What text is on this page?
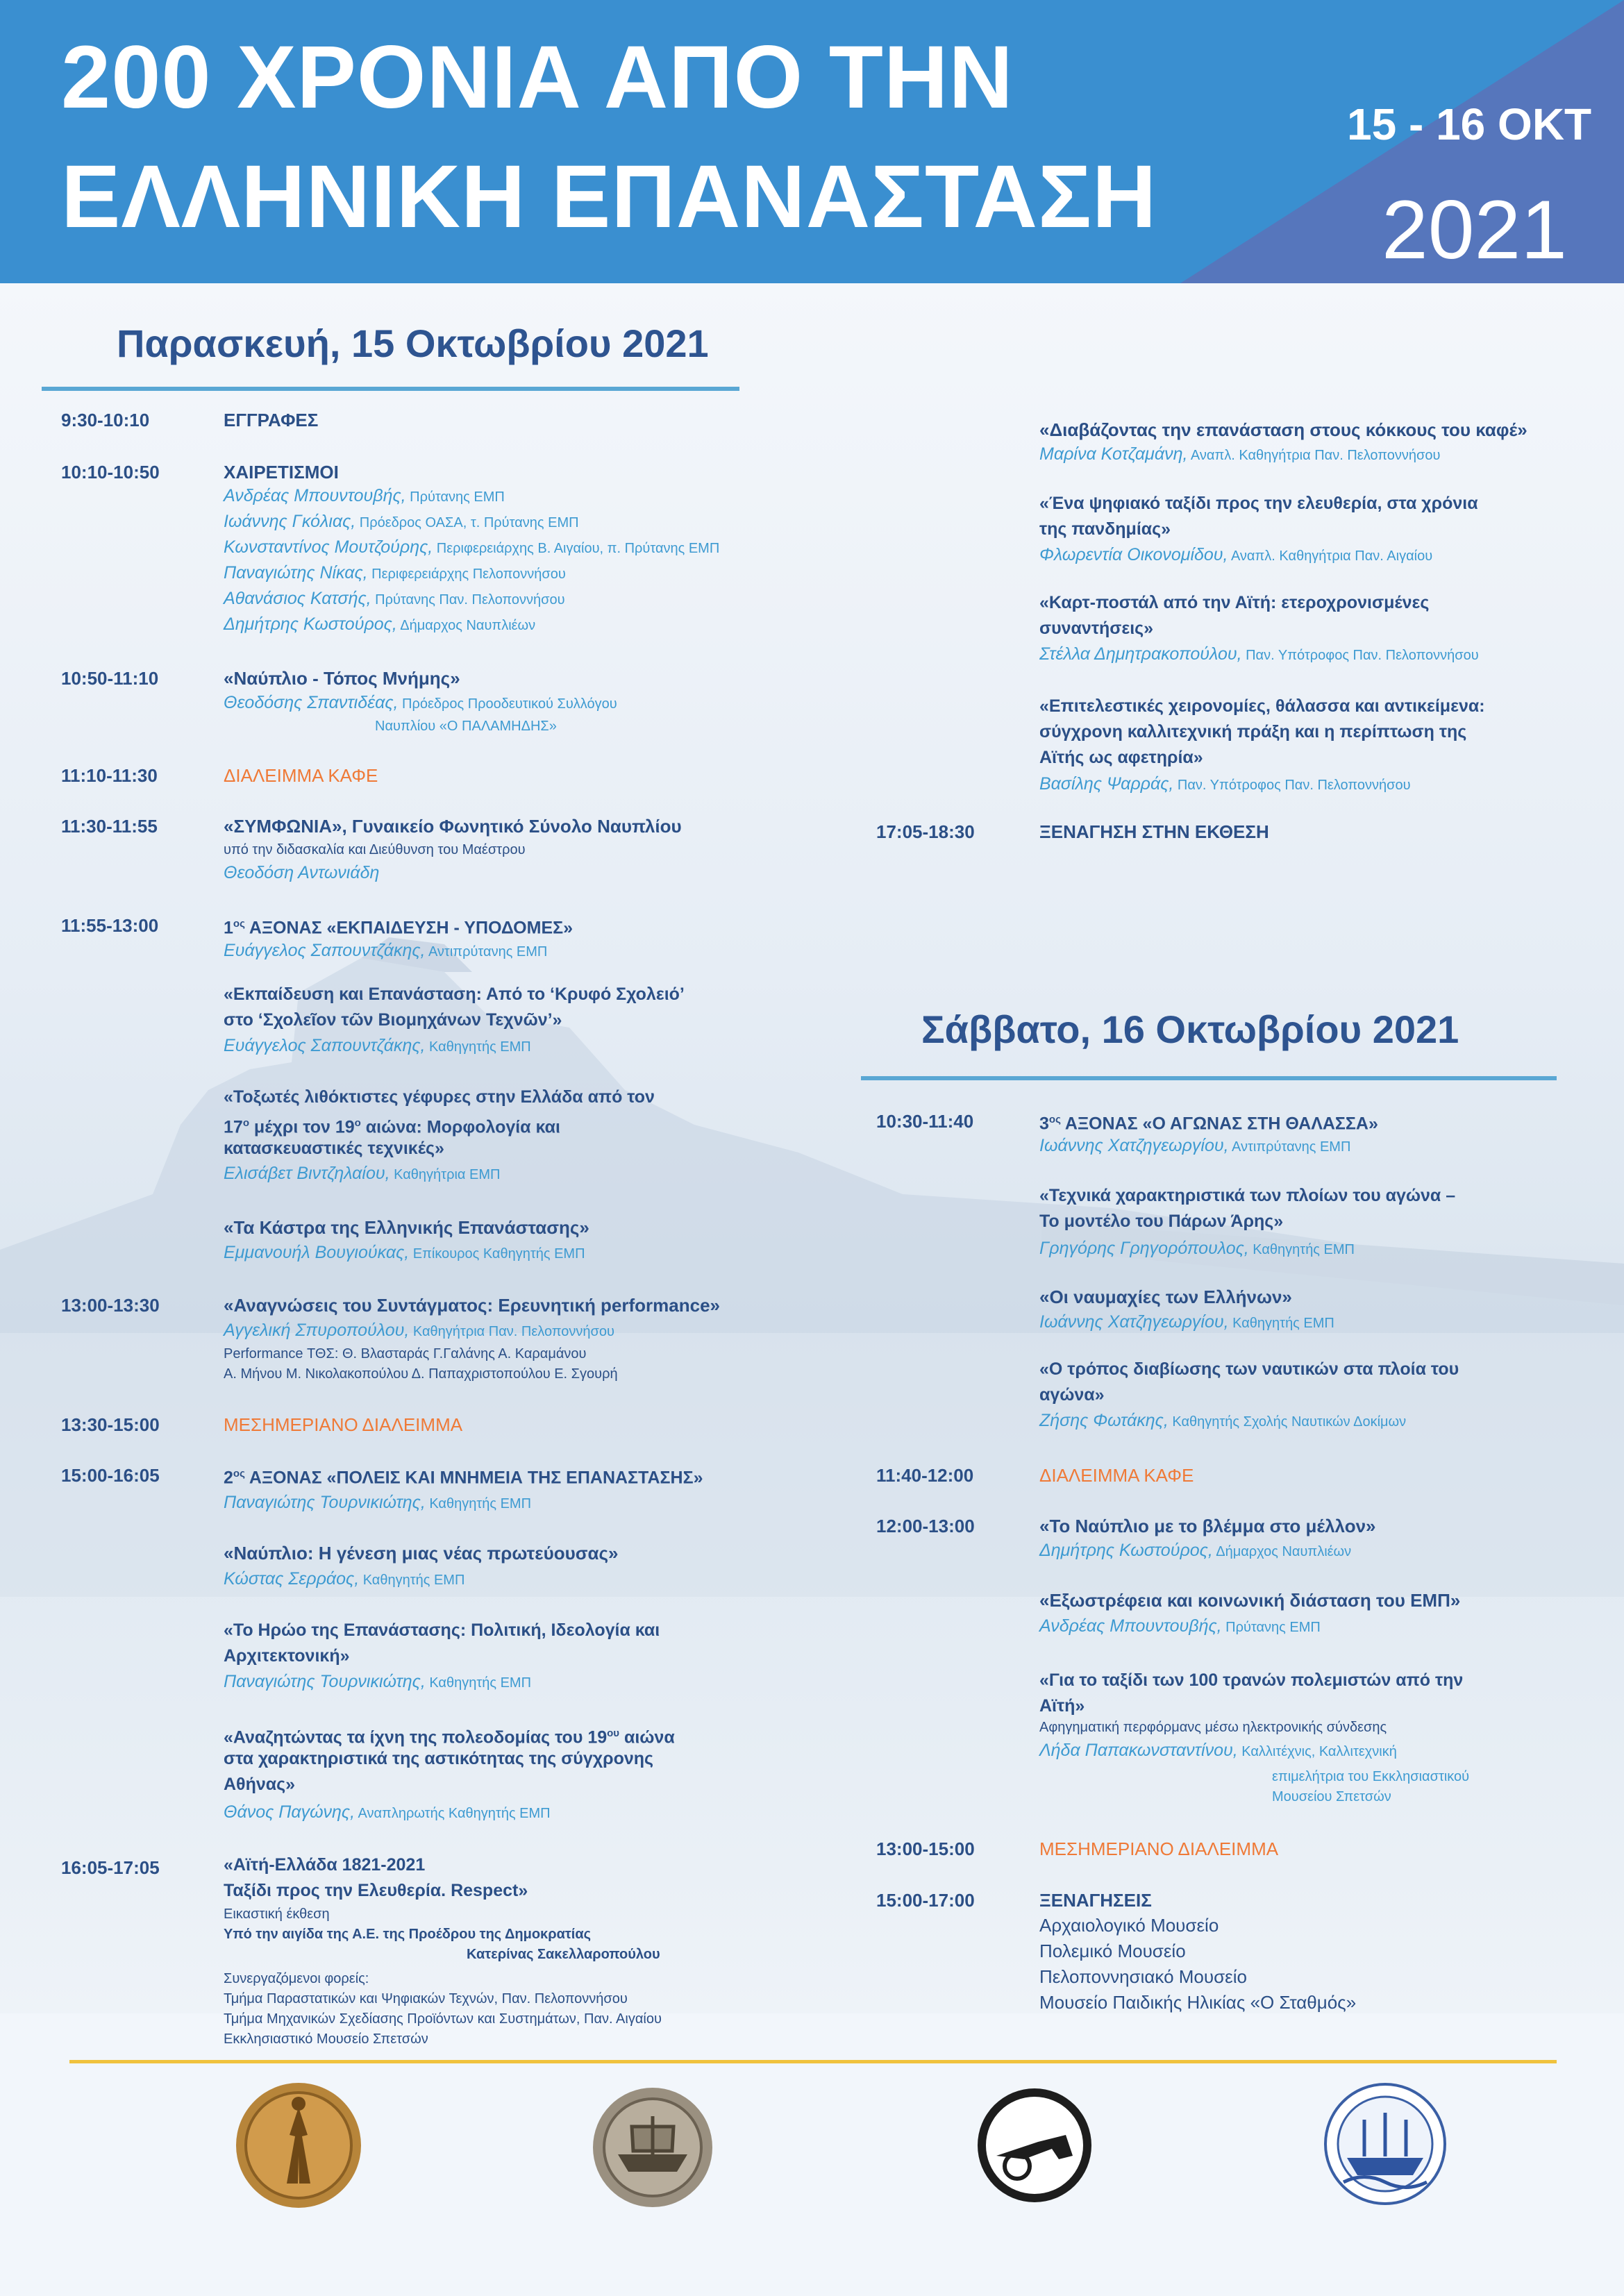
200 ΧΡΟΝΙΑ ΑΠΟ ΤΗΝ
ΕΛΛΗΝΙΚΗ ΕΠΑΝΑΣΤΑΣΗ
15 - 16 ΟΚΤ
2021
Παρασκευή, 15 Οκτωβρίου 2021
9:30-10:10
10:10-10:50
10:50-11:10
11:10-11:30
11:30-11:55
11:55-13:00
13:00-13:30
13:30-15:00
15:00-16:05
16:05-17:05
ΕΓΓΡΑΦΕΣ
ΧΑΙΡΕΤΙΣΜΟΙ
Ανδρέας Μπουντουβής, Πρύτανης ΕΜΠ
Ιωάννης Γκόλιας, Πρόεδρος ΟΑΣΑ, τ. Πρύτανης ΕΜΠ
Κωνσταντίνος Μουτζούρης, Περιφερειάρχης Β. Αιγαίου, π. Πρύτανης ΕΜΠ
Παναγιώτης Νίκας, Περιφερειάρχης Πελοποννήσου
Αθανάσιος Κατσής, Πρύτανης Παν. Πελοποννήσου
Δημήτρης Κωστούρος, Δήμαρχος Ναυπλιέων
«Ναύπλιο - Τόπος Μνήμης»
Θεοδόσης Σπαντιδέας, Πρόεδρος Προοδευτικού Συλλόγου
Ναυπλίου «Ο ΠΑΛΑΜΗΔΗΣ»
ΔΙΑΛΕΙΜΜΑ ΚΑΦΕ
«ΣΥΜΦΩΝΙΑ», Γυναικείο Φωνητικό Σύνολο Ναυπλίου
υπό την διδασκαλία και Διεύθυνση του Μαέστρου
Θεοδόση Αντωνιάδη
$1^{o\varsigma}$ ΑΞΟΝΑΣ «ΕΚΠΑΙΔΕΥΣΗ - ΥΠΟΔΟΜΕΣ»
Ευάγγελος Σαπουντζάκης, Αντιπρύτανης ΕΜΠ
«Εκπαίδευση και Επανάσταση: Από το ‘Κρυφό Σχολειό’
στο ‘Σχολεῖον τῶν Βιομηχάνων Τεχνῶν’»
Ευάγγελος Σαπουντζάκης, Καθηγητής ΕΜΠ
«Τοξωτές λιθόκτιστες γέφυρες στην Ελλάδα από τον
$17^o$ μέχρι τον $19^o$ αιώνα: Μορφολογία και
κατασκευαστικές τεχνικές»
Ελισάβετ Βιντζηλαίου, Καθηγήτρια ΕΜΠ
«Τα Κάστρα της Ελληνικής Επανάστασης»
Εμμανουήλ Βουγιούκας, Επίκουρος Καθηγητής ΕΜΠ
«Αναγνώσεις του Συντάγματος: Ερευνητική performance»
Αγγελική Σπυροπούλου, Καθηγήτρια Παν. Πελοποννήσου
Performance ΤΘΣ: Θ. Βλασταράς Γ.Γαλάνης Α. Καραμάνου
Α. Μήνου Μ. Νικολακοπούλου Δ. Παπαχριστοπούλου Ε. Σγουρή
ΜΕΣΗΜΕΡΙΑΝΟ ΔΙΑΛΕΙΜΜΑ
$2^{o\varsigma}$ ΑΞΟΝΑΣ «ΠΟΛΕΙΣ ΚΑΙ ΜΝΗΜΕΙΑ ΤΗΣ ΕΠΑΝΑΣΤΑΣΗΣ»
Παναγιώτης Τουρνικιώτης, Καθηγητής ΕΜΠ
«Ναύπλιο: Η γένεση μιας νέας πρωτεύουσας»
Κώστας Σερράος, Καθηγητής ΕΜΠ
«Το Ηρώο της Επανάστασης: Πολιτική, Ιδεολογία και
Αρχιτεκτονική»
Παναγιώτης Τουρνικιώτης, Καθηγητής ΕΜΠ
«Αναζητώντας τα ίχνη της πολεοδομίας του $19^{o\upsilon}$ αιώνα
στα χαρακτηριστικά της αστικότητας της σύγχρονης
Αθήνας»
Θάνος Παγώνης, Αναπληρωτής Καθηγητής ΕΜΠ
«Αϊτή-Ελλάδα 1821-2021
Ταξίδι προς την Ελευθερία. Respect»
Εικαστική έκθεση
Υπό την αιγίδα της Α.Ε. της Προέδρου της Δημοκρατίας
Κατερίνας Σακελλαροπούλου
Συνεργαζόμενοι φορείς:
Τμήμα Παραστατικών και Ψηφιακών Τεχνών, Παν. Πελοποννήσου
Τμήμα Μηχανικών Σχεδίασης Προϊόντων και Συστημάτων, Παν. Αιγαίου
Εκκλησιαστικό Μουσείο Σπετσών
«Διαβάζοντας την επανάσταση στους κόκκους του καφέ»
Μαρίνα Κοτζαμάνη, Αναπλ. Καθηγήτρια Παν. Πελοποννήσου
«Ένα ψηφιακό ταξίδι προς την ελευθερία, στα χρόνια
της πανδημίας»
Φλωρεντία Οικονομίδου, Αναπλ. Καθηγήτρια Παν. Αιγαίου
«Καρτ-ποστάλ από την Αϊτή: ετεροχρονισμένες
συναντήσεις»
Στέλλα Δημητρακοπούλου, Παν. Υπότροφος Παν. Πελοποννήσου
«Επιτελεστικές χειρονομίες, θάλασσα και αντικείμενα:
σύγχρονη καλλιτεχνική πράξη και η περίπτωση της
Αϊτής ως αφετηρία»
Βασίλης Ψαρράς, Παν. Υπότροφος Παν. Πελοποννήσου
17:05-18:30	ΞΕΝΑΓΗΣΗ ΣΤΗΝ ΕΚΘΕΣΗ
Σάββατο, 16 Οκτωβρίου 2021
10:30-11:40
11:40-12:00
12:00-13:00
13:00-15:00
15:00-17:00
$3^{o\varsigma}$ ΑΞΟΝΑΣ «Ο ΑΓΩΝΑΣ ΣΤΗ ΘΑΛΑΣΣΑ»
Ιωάννης Χατζηγεωργίου, Αντιπρύτανης ΕΜΠ
«Τεχνικά χαρακτηριστικά των πλοίων του αγώνα –
Το μοντέλο του Πάρων Άρης»
Γρηγόρης Γρηγορόπουλος, Καθηγητής ΕΜΠ
«Οι ναυμαχίες των Ελλήνων»
Ιωάννης Χατζηγεωργίου, Καθηγητής ΕΜΠ
«Ο τρόπος διαβίωσης των ναυτικών στα πλοία του
αγώνα»
Ζήσης Φωτάκης, Καθηγητής Σχολής Ναυτικών Δοκίμων
ΔΙΑΛΕΙΜΜΑ ΚΑΦΕ
«Το Ναύπλιο με το βλέμμα στο μέλλον»
Δημήτρης Κωστούρος, Δήμαρχος Ναυπλιέων
«Εξωστρέφεια και κοινωνική διάσταση του ΕΜΠ»
Ανδρέας Μπουντουβής, Πρύτανης ΕΜΠ
«Για το ταξίδι των 100 τρανών πολεμιστών από την
Αϊτή»
Αφηγηματική περφόρμανς μέσω ηλεκτρονικής σύνδεσης
Λήδα Παπακωνσταντίνου, Καλλιτέχνις, Καλλιτεχνική
επιμελήτρια του Εκκλησιαστικού
Μουσείου Σπετσών
ΜΕΣΗΜΕΡΙΑΝΟ ΔΙΑΛΕΙΜΜΑ
ΞΕΝΑΓΗΣΕΙΣ
Αρχαιολογικό Μουσείο
Πολεμικό Μουσείο
Πελοποννησιακό Μουσείο
Μουσείο Παιδικής Ηλικίας «Ο Σταθμός»
